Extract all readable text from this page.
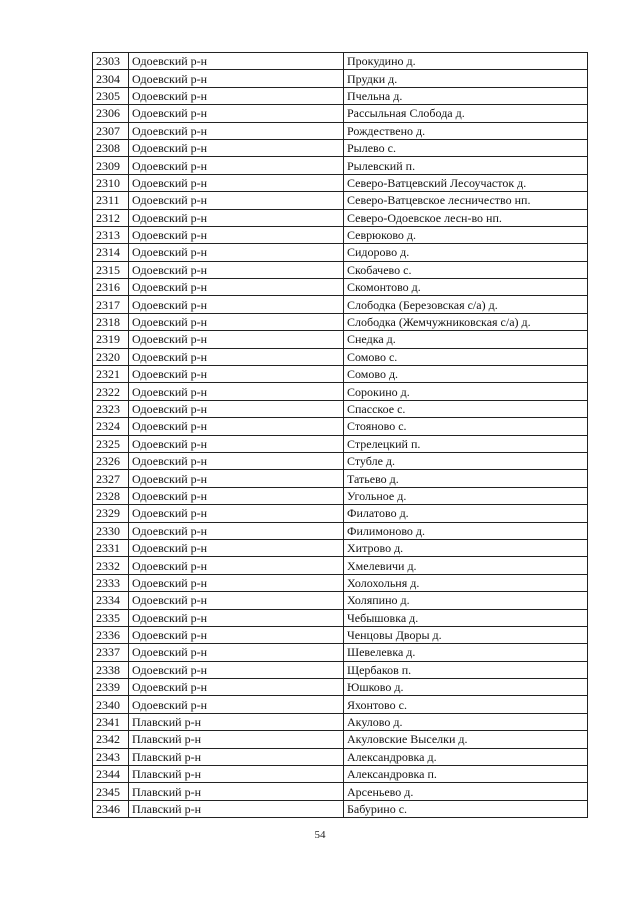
2303	Одоевский р-н	Прокудино д.
2304	Одоевский р-н	Прудки д.
2305	Одоевский р-н	Пчельна д.
2306	Одоевский р-н	Рассыльная Слобода д.
2307	Одоевский р-н	Рождествено д.
2308	Одоевский р-н	Рылево с.
2309	Одоевский р-н	Рылевский п.
2310	Одоевский р-н	Северо-Ватцевский Лесоучасток д.
2311	Одоевский р-н	Северо-Ватцевское лесничество нп.
2312	Одоевский р-н	Северо-Одоевское лесн-во нп.
2313	Одоевский р-н	Севрюково д.
2314	Одоевский р-н	Сидорово д.
2315	Одоевский р-н	Скобачево с.
2316	Одоевский р-н	Скомонтово д.
2317	Одоевский р-н	Слободка (Березовская с/а) д.
2318	Одоевский р-н	Слободка (Жемчужниковская с/а) д.
2319	Одоевский р-н	Снедка д.
2320	Одоевский р-н	Сомово с.
2321	Одоевский р-н	Сомово д.
2322	Одоевский р-н	Сорокино д.
2323	Одоевский р-н	Спасское с.
2324	Одоевский р-н	Стояново с.
2325	Одоевский р-н	Стрелецкий п.
2326	Одоевский р-н	Стубле д.
2327	Одоевский р-н	Татьево д.
2328	Одоевский р-н	Угольное д.
2329	Одоевский р-н	Филатово д.
2330	Одоевский р-н	Филимоново д.
2331	Одоевский р-н	Хитрово д.
2332	Одоевский р-н	Хмелевичи д.
2333	Одоевский р-н	Холохольня д.
2334	Одоевский р-н	Холяпино д.
2335	Одоевский р-н	Чебышовка д.
2336	Одоевский р-н	Ченцовы Дворы д.
2337	Одоевский р-н	Шевелевка д.
2338	Одоевский р-н	Щербаков п.
2339	Одоевский р-н	Юшково д.
2340	Одоевский р-н	Яхонтово с.
2341	Плавский р-н	Акулово д.
2342	Плавский р-н	Акуловские Выселки д.
2343	Плавский р-н	Александровка д.
2344	Плавский р-н	Александровка п.
2345	Плавский р-н	Арсеньево д.
2346	Плавский р-н	Бабурино с.
54
